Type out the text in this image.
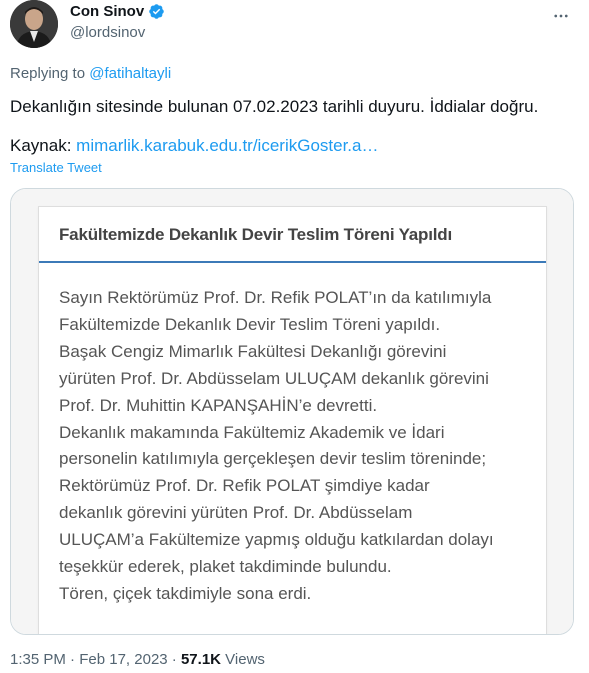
Con Sinov
@lordsinov
Replying to @fatihaltayli
Dekanlığın sitesinde bulunan 07.02.2023 tarihli duyuru. İddialar doğru.
Kaynak: mimarlik.karabuk.edu.tr/icerikGoster.a…
Translate Tweet
Fakültemizde Dekanlık Devir Teslim Töreni Yapıldı
Sayın Rektörümüz Prof. Dr. Refik POLAT’ın da katılımıyla
Fakültemizde Dekanlık Devir Teslim Töreni yapıldı.
Başak Cengiz Mimarlık Fakültesi Dekanlığı görevini
yürüten Prof. Dr. Abdüsselam ULUÇAM dekanlık görevini
Prof. Dr. Muhittin KAPANŞAHİN’e devretti.
Dekanlık makamında Fakültemiz Akademik ve İdari
personelin katılımıyla gerçekleşen devir teslim töreninde;
Rektörümüz Prof. Dr. Refik POLAT şimdiye kadar
dekanlık görevini yürüten Prof. Dr. Abdüsselam
ULUÇAM’a Fakültemize yapmış olduğu katkılardan dolayı
teşekkür ederek, plaket takdiminde bulundu.
Tören, çiçek takdimiyle sona erdi.
1:35 PM · Feb 17, 2023 · 57.1K Views
